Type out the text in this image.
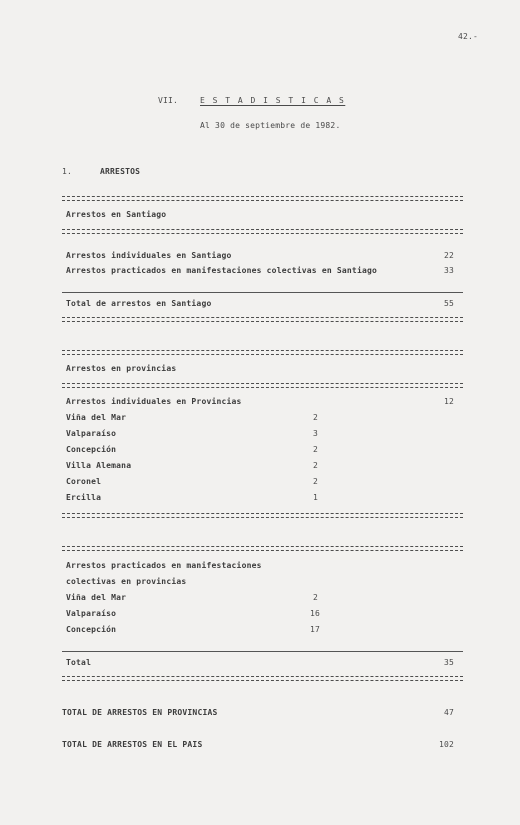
42.-
VII.	E S T A D I S T I C A S
Al 30 de septiembre de 1982.
1.	ARRESTOS
Arrestos en Santiago
Arrestos individuales en Santiago	22
Arrestos practicados en manifestaciones colectivas en Santiago	33
Total de arrestos en Santiago	55
Arrestos en provincias
Arrestos individuales en Provincias	12
Viña del Mar	2
Valparaíso	3
Concepción	2
Villa Alemana	2
Coronel	2
Ercilla	1
Arrestos practicados en manifestaciones
colectivas en provincias
Viña del Mar	2
Valparaíso	16
Concepción	17
Total	35
TOTAL DE ARRESTOS EN PROVINCIAS	47
TOTAL DE ARRESTOS EN EL PAIS	102
